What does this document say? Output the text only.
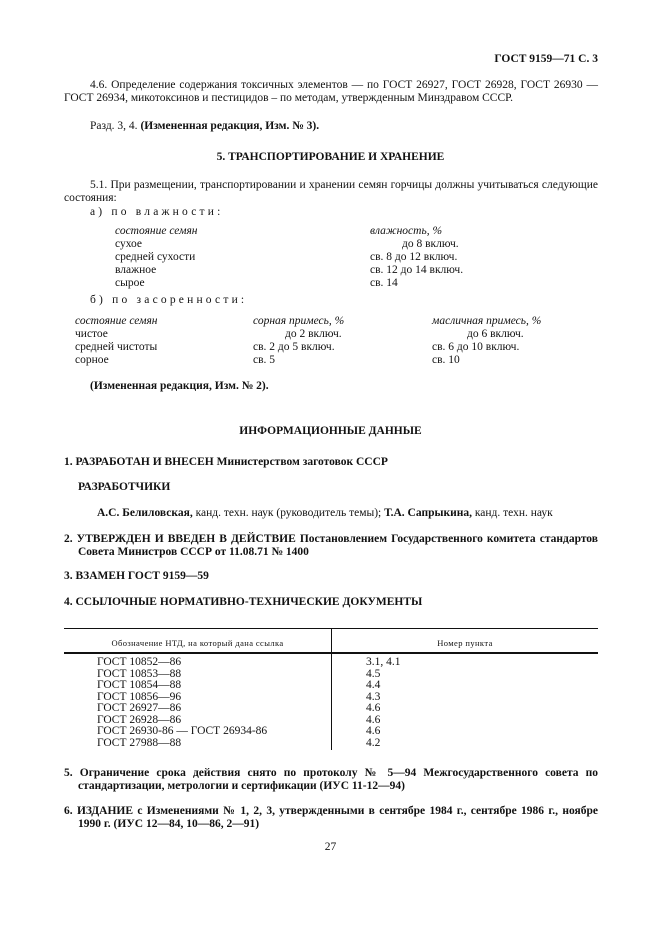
ГОСТ 9159—71 С. 3
4.6. Определение содержания токсичных элементов — по ГОСТ 26927, ГОСТ 26928, ГОСТ 26930 — ГОСТ 26934, микотоксинов и пестицидов – по методам, утвержденным Минздравом СССР.
Разд. 3, 4. (Измененная редакция, Изм. № 3).
5. ТРАНСПОРТИРОВАНИЕ И ХРАНЕНИЕ
5.1. При размещении, транспортировании и хранении семян горчицы должны учитываться следующие состояния:
а) по влажности:
состояние семян	влажность, %
сухое	до 8 включ.
средней сухости	св. 8 до 12 включ.
влажное	св. 12 до 14 включ.
сырое	св. 14
б) по засоренности:
состояние семян	сорная примесь, %	масличная примесь, %
чистое	до 2 включ.	до 6 включ.
средней чистоты	св. 2 до 5 включ.	св. 6 до 10 включ.
сорное	св. 5	св. 10
(Измененная редакция, Изм. № 2).
ИНФОРМАЦИОННЫЕ ДАННЫЕ
1. РАЗРАБОТАН И ВНЕСЕН Министерством заготовок СССР
РАЗРАБОТЧИКИ
А.С. Белиловская, канд. техн. наук (руководитель темы); Т.А. Сапрыкина, канд. техн. наук
2. УТВЕРЖДЕН И ВВЕДЕН В ДЕЙСТВИЕ Постановлением Государственного комитета стандартов Совета Министров СССР от 11.08.71 № 1400
3. ВЗАМЕН ГОСТ 9159—59
4. ССЫЛОЧНЫЕ НОРМАТИВНО-ТЕХНИЧЕСКИЕ ДОКУМЕНТЫ
Обозначение НТД, на который дана ссылка	Номер пункта
ГОСТ 10852—86	3.1, 4.1
ГОСТ 10853—88	4.5
ГОСТ 10854—88	4.4
ГОСТ 10856—96	4.3
ГОСТ 26927—86	4.6
ГОСТ 26928—86	4.6
ГОСТ 26930-86 — ГОСТ 26934-86	4.6
ГОСТ 27988—88	4.2
5. Ограничение срока действия снято по протоколу № 5—94 Межгосударственного совета по стандартизации, метрологии и сертификации (ИУС 11-12—94)
6. ИЗДАНИЕ с Изменениями № 1, 2, 3, утвержденными в сентябре 1984 г., сентябре 1986 г., ноябре 1990 г. (ИУС 12—84, 10—86, 2—91)
27
